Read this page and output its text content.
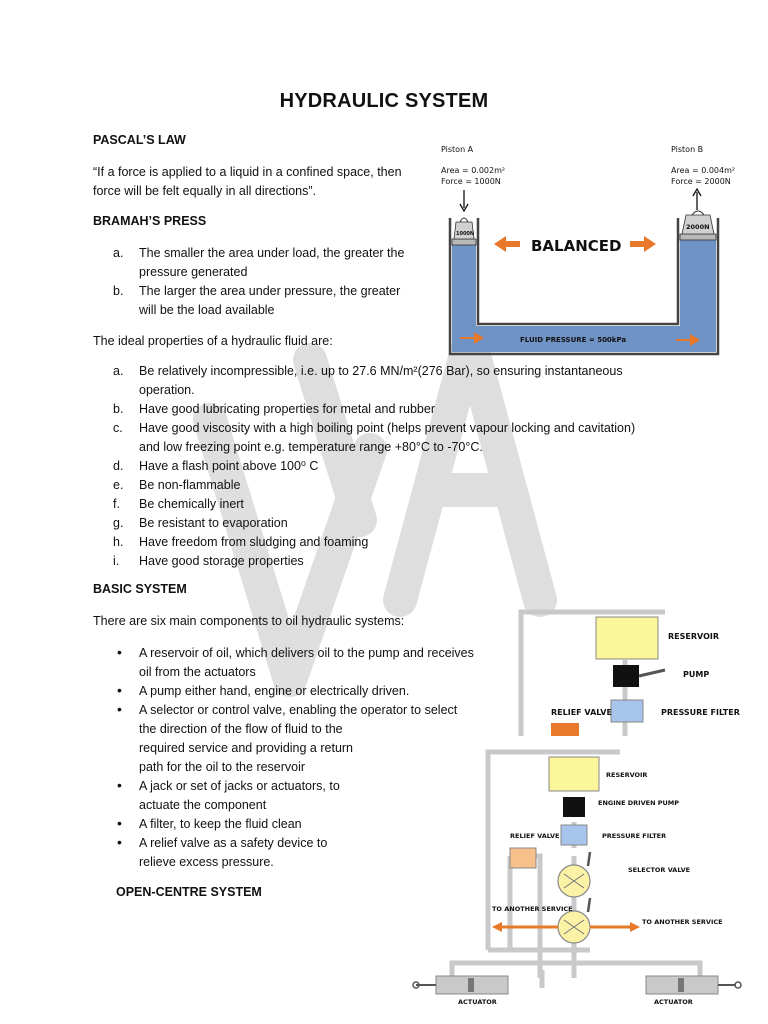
HYDRAULIC SYSTEM
PASCAL’S LAW
“If a force is applied to a liquid in a confined space, then
force will be felt equally in all directions”.
BRAMAH’S PRESS
a. The smaller the area under load, the greater the
pressure generated
b. The larger the area under pressure, the greater
will be the load available
The ideal properties of a hydraulic fluid are:
a. Be relatively incompressible, i.e. up to 27.6 MN/m²(276 Bar), so ensuring instantaneous
operation.
b. Have good lubricating properties for metal and rubber
c. Have good viscosity with a high boiling point (helps prevent vapour locking and cavitation)
and low freezing point e.g. temperature range +80°C to -70°C.
d. Have a flash point above 100⁰ C
e. Be non-flammable
f. Be chemically inert
g. Be resistant to evaporation
h. Have freedom from sludging and foaming
i. Have good storage properties
BASIC SYSTEM
There are six main components to oil hydraulic systems:
• A reservoir of oil, which delivers oil to the pump and receives
oil from the actuators
• A pump either hand, engine or electrically driven.
• A selector or control valve, enabling the operator to select
the direction of the flow of fluid to the
required service and providing a return
path for the oil to the reservoir
• A jack or set of jacks or actuators, to
actuate the component
• A filter, to keep the fluid clean
• A relief valve as a safety device to
relieve excess pressure.
OPEN-CENTRE SYSTEM
Piston A
Area = 0.002m²
Force = 1000N
Piston B
Area = 0.004m²
Force = 2000N
1000N
2000N
BALANCED
FLUID PRESSURE = 500kPa
RESERVOIR
PUMP
PRESSURE FILTER
RELIEF VALVE
RESERVOIR
ENGINE DRIVEN PUMP
RELIEF VALVE	PRESSURE FILTER
SELECTOR VALVE
TO ANOTHER SERVICE
TO ANOTHER SERVICE
ACTUATOR	ACTUATOR
